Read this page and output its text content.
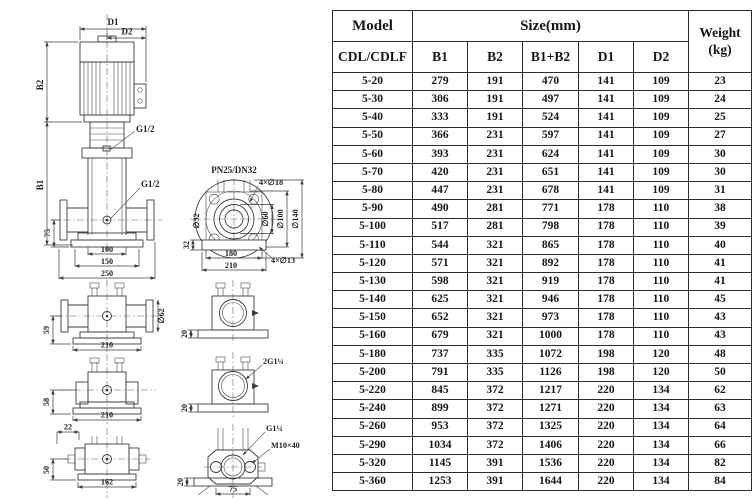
D1
D2
B2
B1
G1/2
G1/2
75
100
150
250
PN25/DN32
4×∅18
∅32	∅60 ∅100 ∅140
32
180
210
4×∅13
59
∅62
210
58
210
22
50
162
20
2G1¼
20
G1¼
M10×40
20
75
Model	Size(mm)					Weight
(kg)

CDL/CDLF	B1	B2	B1+B2	D1	D2	
5-20	279	191	470	141	109	23
5-30	306	191	497	141	109	24
5-40	333	191	524	141	109	25
5-50	366	231	597	141	109	27
5-60	393	231	624	141	109	30
5-70	420	231	651	141	109	30
5-80	447	231	678	141	109	31
5-90	490	281	771	178	110	38
5-100	517	281	798	178	110	39
5-110	544	321	865	178	110	40
5-120	571	321	892	178	110	41
5-130	598	321	919	178	110	41
5-140	625	321	946	178	110	45
5-150	652	321	973	178	110	43
5-160	679	321	1000	178	110	43
5-180	737	335	1072	198	120	48
5-200	791	335	1126	198	120	50
5-220	845	372	1217	220	134	62
5-240	899	372	1271	220	134	63
5-260	953	372	1325	220	134	64
5-290	1034	372	1406	220	134	66
5-320	1145	391	1536	220	134	82
5-360	1253	391	1644	220	134	84
